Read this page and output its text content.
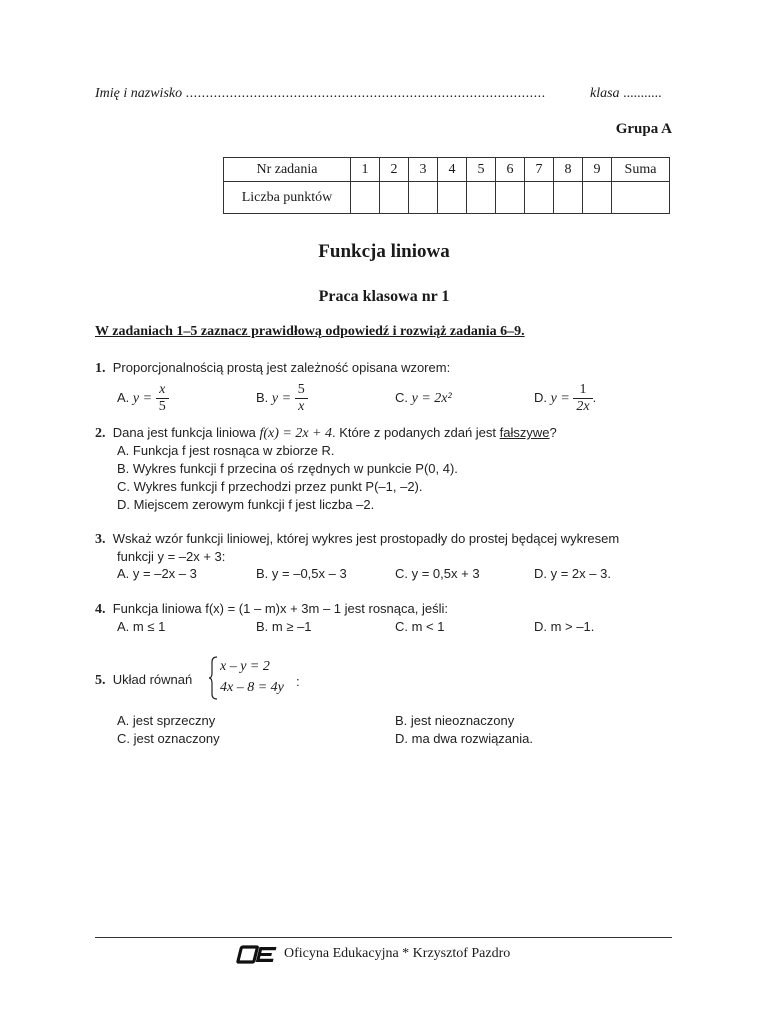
Imię i nazwisko ..........................................................................................	klasa ...........
Grupa A
Nr zadania	1	2	3	4	5	6	7	8	9	Suma
Liczba punktów										
Funkcja liniowa
Praca klasowa nr 1
W zadaniach 1–5 zaznacz prawidłową odpowiedź i rozwiąż zadania 6–9.
1. Proporcjonalnością prostą jest zależność opisana wzorem:
A. $y = \frac{x}{5}$	B. $y = \frac{5}{x}$	C. y = 2x²	D. $y = \frac{1}{2x}$ .
2. Dana jest funkcja liniowa f(x) = 2x + 4. Które z podanych zdań jest fałszywe?
A. Funkcja f jest rosnąca w zbiorze R.
B. Wykres funkcji f przecina oś rzędnych w punkcie P(0, 4).
C. Wykres funkcji f przechodzi przez punkt P(–1, –2).
D. Miejscem zerowym funkcji f jest liczba –2.
3. Wskaż wzór funkcji liniowej, której wykres jest prostopadły do prostej będącej wykresem
funkcji y = –2x + 3:
A. y = –2x – 3	B. y = –0,5x – 3	C. y = 0,5x + 3	D. y = 2x – 3.
4. Funkcja liniowa f(x) = (1 – m)x + 3m – 1 jest rosnąca, jeśli:
A. m ≤ 1	B. m ≥ –1	C. m < 1	D. m > –1.
5. Układ równań
x – y = 2
4x – 8 = 4y :
A. jest sprzeczny	B. jest nieoznaczony
C. jest oznaczony	D. ma dwa rozwiązania.
Oficyna Edukacyjna * Krzysztof Pazdro
